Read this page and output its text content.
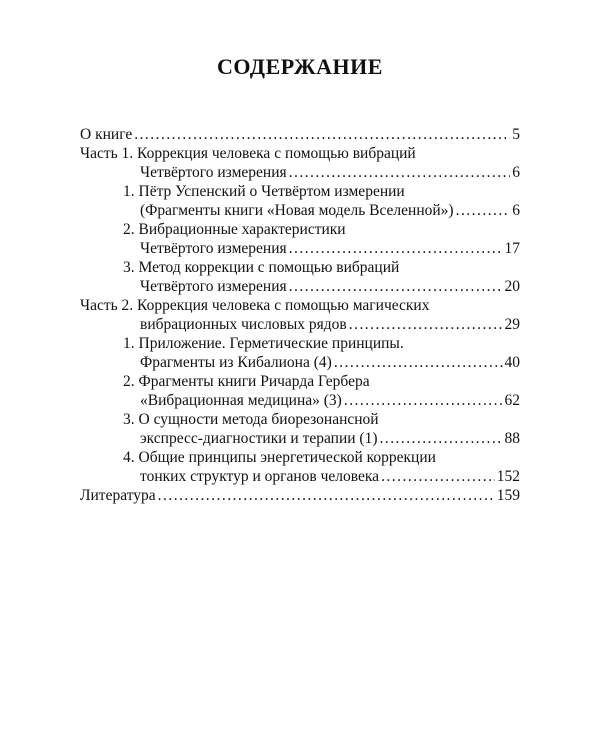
СОДЕРЖАНИЕ
О книге . . .	5
Часть 1. Коррекция человека с помощью вибраций
Четвёртого измерения . . .	6
1. Пётр Успенский о Четвёртом измерении
(Фрагменты книги «Новая модель Вселенной») . . .	6
2. Вибрационные характеристики
Четвёртого измерения . . .	17
3. Метод коррекции с помощью вибраций
Четвёртого измерения . . .	20
Часть 2. Коррекция человека с помощью магических
вибрационных числовых рядов . . .	29
1. Приложение. Герметические принципы.
Фрагменты из Кибалиона (4) . . .	40
2. Фрагменты книги Ричарда Гербера
«Вибрационная медицина» (3) . . .	62
3. О сущности метода биорезонансной
экспресс-диагностики и терапии (1) . . .	88
4. Общие принципы энергетической коррекции
тонких структур и органов человека . . .	152
Литература . . .	159
